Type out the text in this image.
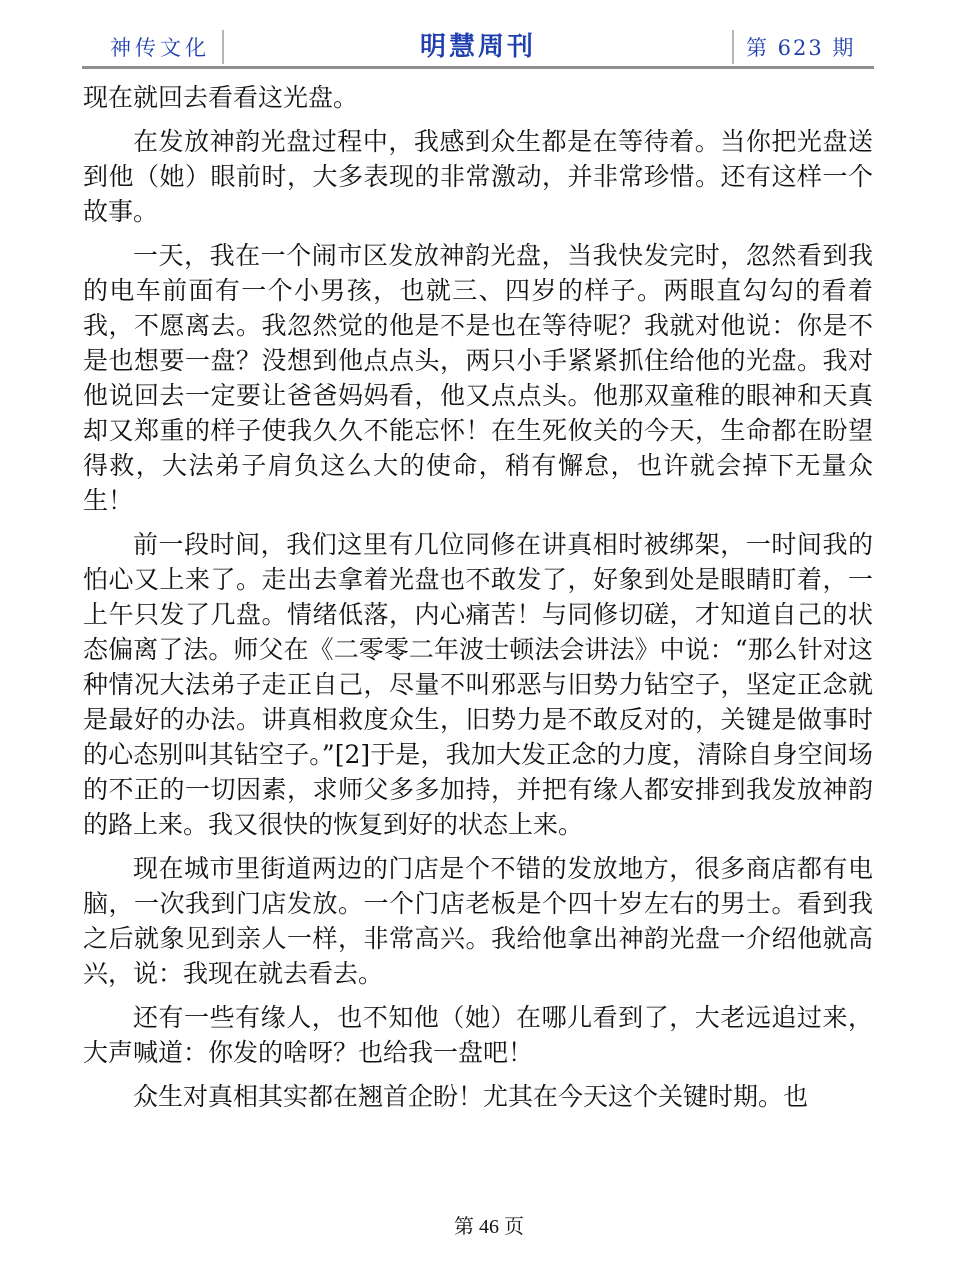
神传文化	明慧周刊	第 623 期

现在就回去看看这光盘。

在发放神韵光盘过程中，我感到众生都是在等待着。当你把光盘送到他（她）眼前时，大多表现的非常激动，并非常珍惜。还有这样一个故事。

一天，我在一个闹市区发放神韵光盘，当我快发完时，忽然看到我的电车前面有一个小男孩，也就三、四岁的样子。两眼直勾勾的看着我，不愿离去。我忽然觉的他是不是也在等待呢？我就对他说：你是不是也想要一盘？没想到他点点头，两只小手紧紧抓住给他的光盘。我对他说回去一定要让爸爸妈妈看，他又点点头。他那双童稚的眼神和天真却又郑重的样子使我久久不能忘怀！在生死攸关的今天，生命都在盼望得救，大法弟子肩负这么大的使命，稍有懈怠，也许就会掉下无量众生！

前一段时间，我们这里有几位同修在讲真相时被绑架，一时间我的怕心又上来了。走出去拿着光盘也不敢发了，好象到处是眼睛盯着，一上午只发了几盘。情绪低落，内心痛苦！与同修切磋，才知道自己的状态偏离了法。师父在《二零零二年波士顿法会讲法》中说：“那么针对这种情况大法弟子走正自己，尽量不叫邪恶与旧势力钻空子，坚定正念就是最好的办法。讲真相救度众生，旧势力是不敢反对的，关键是做事时的心态别叫其钻空子。”[2]于是，我加大发正念的力度，清除自身空间场的不正的一切因素，求师父多多加持，并把有缘人都安排到我发放神韵的路上来。我又很快的恢复到好的状态上来。

现在城市里街道两边的门店是个不错的发放地方，很多商店都有电脑，一次我到门店发放。一个门店老板是个四十岁左右的男士。看到我之后就象见到亲人一样，非常高兴。我给他拿出神韵光盘一介绍他就高兴，说：我现在就去看去。

还有一些有缘人，也不知他（她）在哪儿看到了，大老远追过来，大声喊道：你发的啥呀？也给我一盘吧！

众生对真相其实都在翘首企盼！尤其在今天这个关键时期。也

第 46 页
